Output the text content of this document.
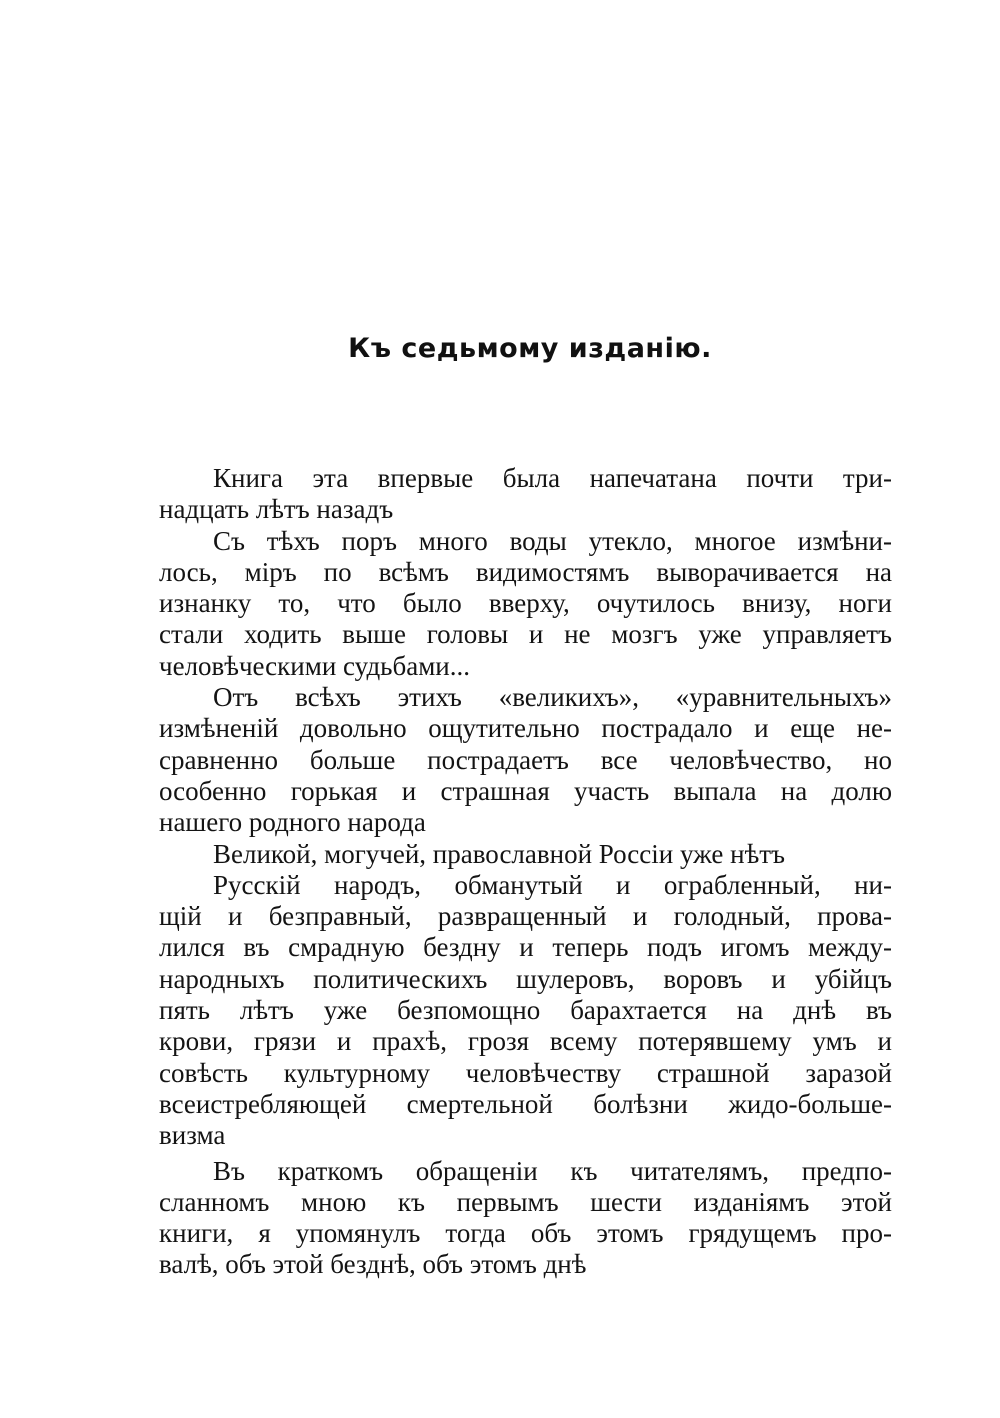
Къ седьмому изданію.
Книга эта впервые была напечатана почти три-
надцать лѣтъ назадъ
Съ тѣхъ поръ много воды утекло, многое измѣни-
лось, міръ по всѣмъ видимостямъ выворачивается на
изнанку то, что было вверху, очутилось внизу, ноги
стали ходить выше головы и не мозгъ уже управляетъ
человѣческими судьбами...
Отъ всѣхъ этихъ «великихъ», «уравнительныхъ»
измѣненій довольно ощутительно пострадало и еще не-
сравненно больше пострадаетъ все человѣчество, но
особенно горькая и страшная участь выпала на долю
нашего родного народа
Великой, могучей, православной Россіи уже нѣтъ
Русскій народъ, обманутый и ограбленный, ни-
щій и безправный, развращенный и голодный, прова-
лился въ смрадную бездну и теперь подъ игомъ между-
народныхъ политическихъ шулеровъ, воровъ и убійцъ
пять лѣтъ уже безпомощно барахтается на днѣ въ
крови, грязи и прахѣ, грозя всему потерявшему умъ и
совѣсть культурному человѣчеству страшной заразой
всеистребляющей смертельной болѣзни жидо-большe-
визма
Въ краткомъ обращеніи къ читателямъ, предпо-
сланномъ мною къ первымъ шести изданіямъ этой
книги, я упомянулъ тогда объ этомъ грядущемъ про-
валѣ, объ этой безднѣ, объ этомъ днѣ
